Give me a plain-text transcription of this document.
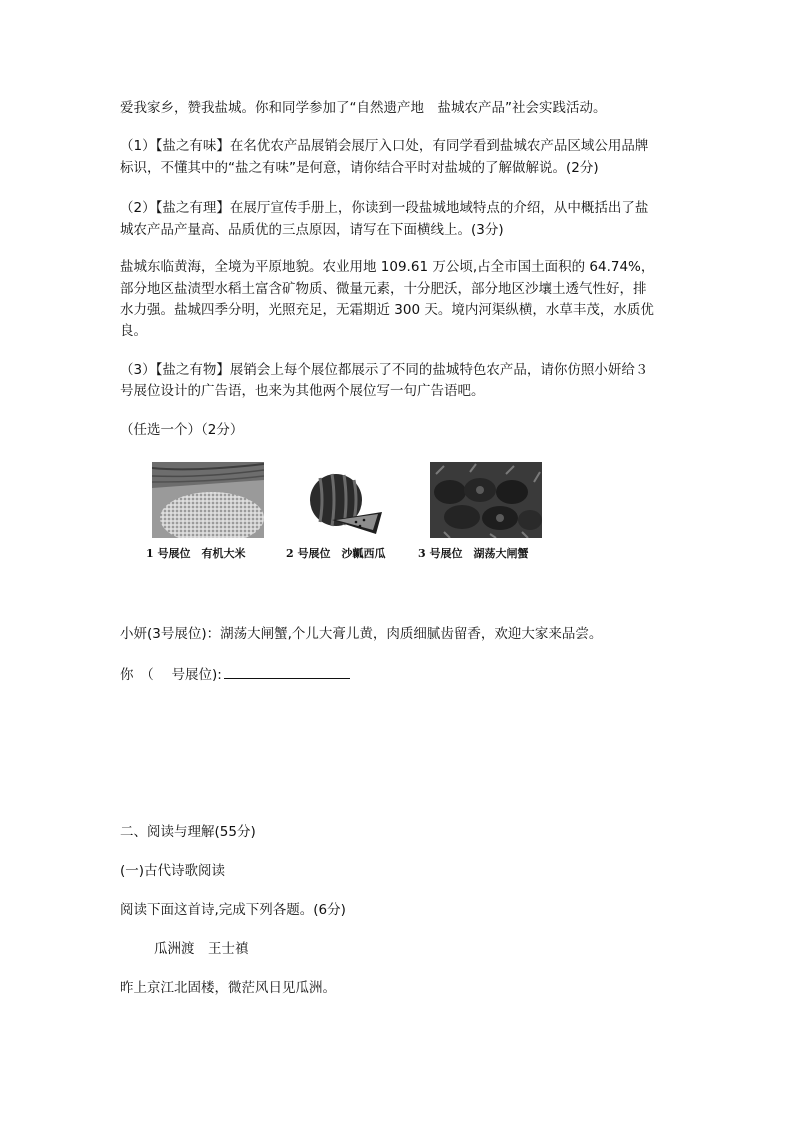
爱我家乡，赞我盐城。你和同学参加了“自然遗产地　盐城农产品”社会实践活动。
（1）【盐之有味】在名优农产品展销会展厅入口处，有同学看到盐城农产品区域公用品牌
标识，不懂其中的“盐之有味”是何意，请你结合平时对盐城的了解做解说。(2分)
（2）【盐之有理】在展厅宣传手册上，你读到一段盐城地域特点的介绍，从中概括出了盐
城农产品产量高、品质优的三点原因，请写在下面横线上。(3分)
盐城东临黄海，全境为平原地貌。农业用地 109.61 万公顷,占全市国土面积的 64.74%，
部分地区盐渍型水稻土富含矿物质、微量元素，十分肥沃，部分地区沙壤土透气性好，排
水力强。盐城四季分明，光照充足，无霜期近 300 天。境内河渠纵横，水草丰茂，水质优
良。
（3）【盐之有物】展销会上每个展位都展示了不同的盐城特色农产品，请你仿照小妍给３
号展位设计的广告语，也来为其他两个展位写一句广告语吧。
（任选一个）（2分）
1 号展位　有机大米	2 号展位　沙瓤西瓜	3 号展位　湖荡大闸蟹
小妍(3号展位)：湖荡大闸蟹,个儿大膏儿黄，肉质细腻齿留香，欢迎大家来品尝。
你　（　 号展位):
二、阅读与理解(55分)
(一)古代诗歌阅读
阅读下面这首诗,完成下列各题。(6分)
瓜洲渡　王士禛
昨上京江北固楼，微茫风日见瓜洲。
